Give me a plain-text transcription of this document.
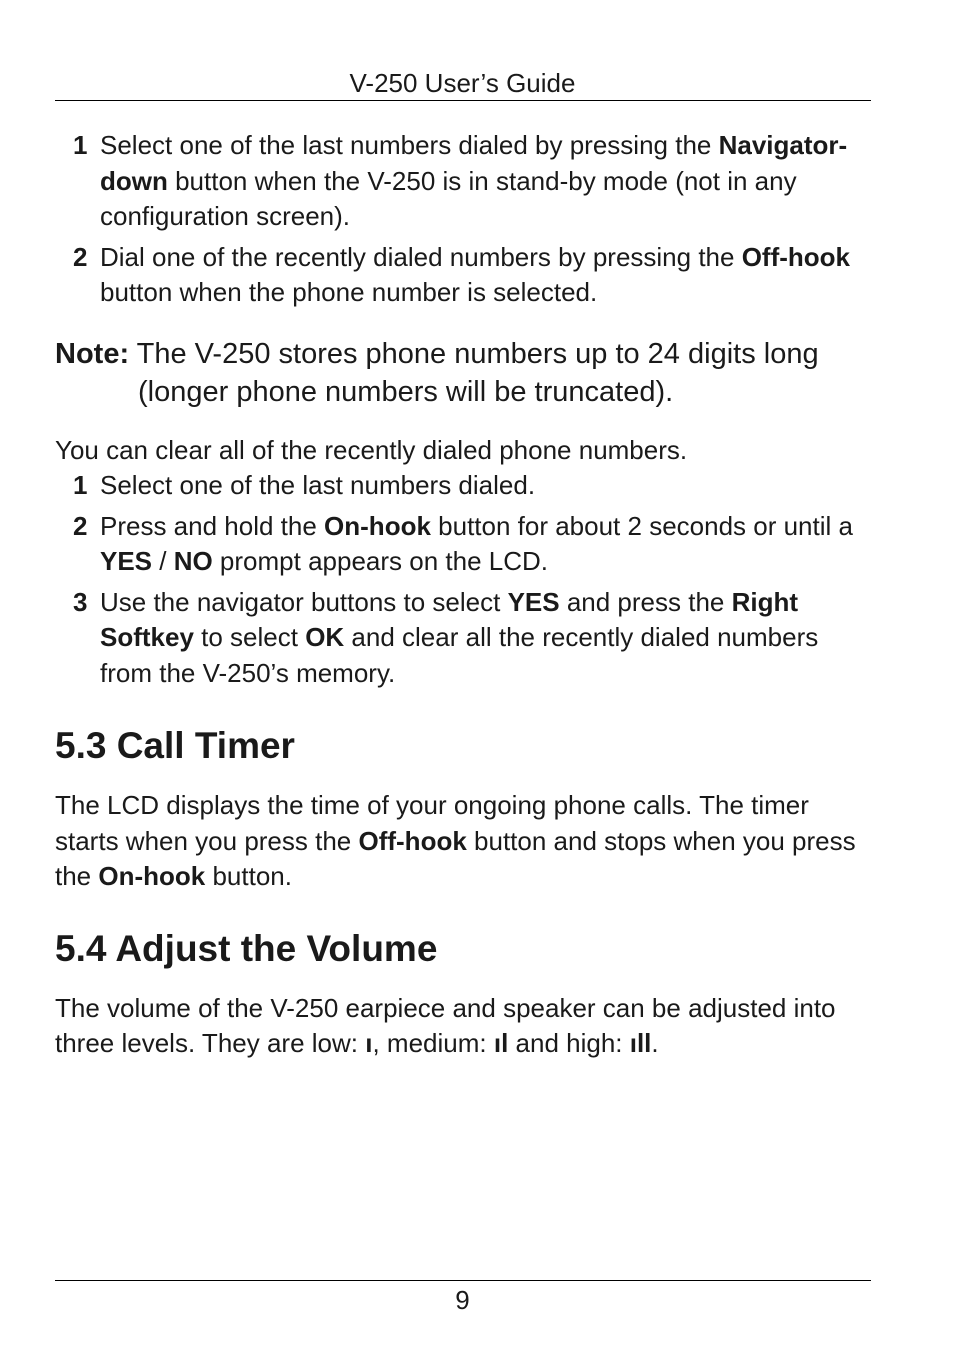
V-250 User’s Guide
1 Select one of the last numbers dialed by pressing the Navigator-down button when the V-250 is in stand-by mode (not in any configuration screen).
2 Dial one of the recently dialed numbers by pressing the Off-hook button when the phone number is selected.
Note: The V-250 stores phone numbers up to 24 digits long (longer phone numbers will be truncated).
You can clear all of the recently dialed phone numbers.
1 Select one of the last numbers dialed.
2 Press and hold the On-hook button for about 2 seconds or until a YES / NO prompt appears on the LCD.
3 Use the navigator buttons to select YES and press the Right Softkey to select OK and clear all the recently dialed numbers from the V-250’s memory.
5.3 Call Timer
The LCD displays the time of your ongoing phone calls. The timer starts when you press the Off-hook button and stops when you press the On-hook button.
5.4 Adjust the Volume
The volume of the V-250 earpiece and speaker can be adjusted into three levels. They are low: ı, medium: ıl and high: ıll.
9
